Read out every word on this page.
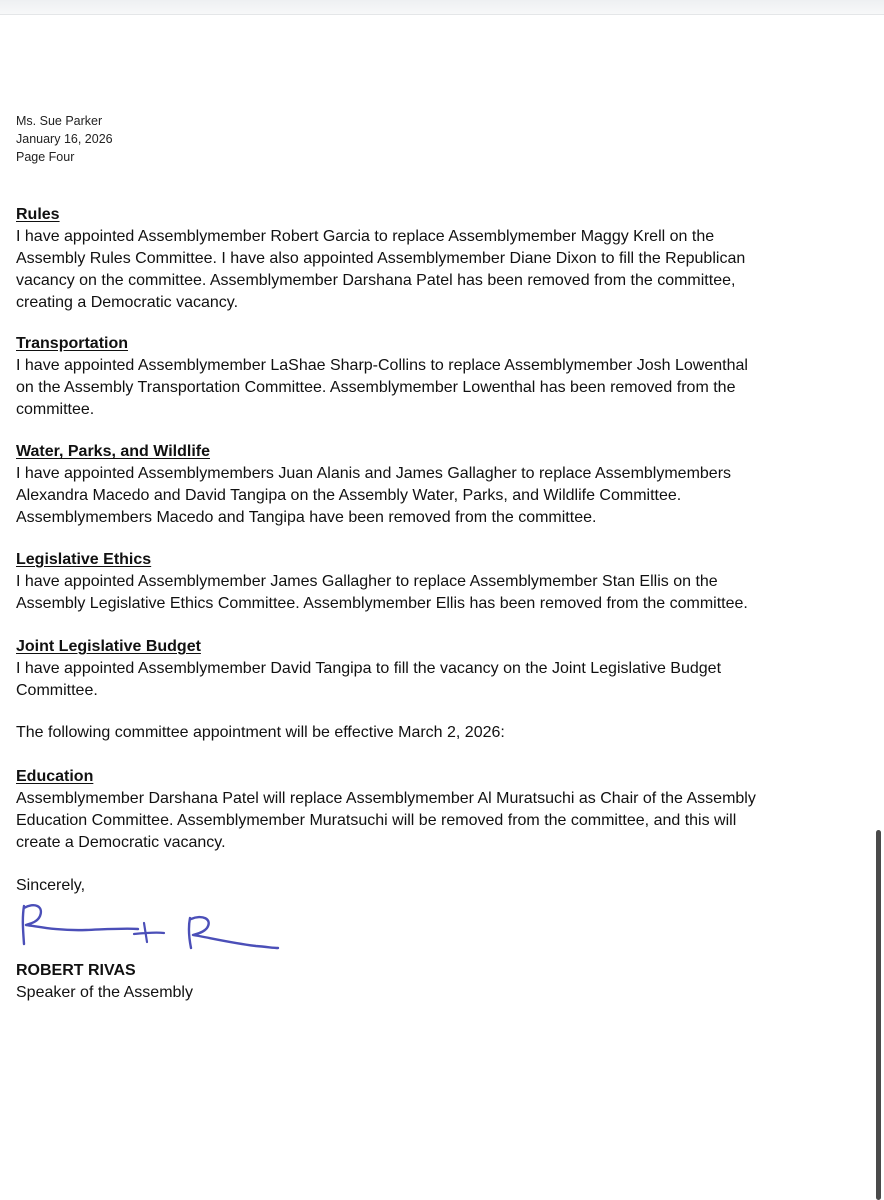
Ms. Sue Parker
January 16, 2026
Page Four
Rules
I have appointed Assemblymember Robert Garcia to replace Assemblymember Maggy Krell on the
Assembly Rules Committee. I have also appointed Assemblymember Diane Dixon to fill the Republican
vacancy on the committee. Assemblymember Darshana Patel has been removed from the committee,
creating a Democratic vacancy.
Transportation
I have appointed Assemblymember LaShae Sharp-Collins to replace Assemblymember Josh Lowenthal
on the Assembly Transportation Committee. Assemblymember Lowenthal has been removed from the
committee.
Water, Parks, and Wildlife
I have appointed Assemblymembers Juan Alanis and James Gallagher to replace Assemblymembers
Alexandra Macedo and David Tangipa on the Assembly Water, Parks, and Wildlife Committee.
Assemblymembers Macedo and Tangipa have been removed from the committee.
Legislative Ethics
I have appointed Assemblymember James Gallagher to replace Assemblymember Stan Ellis on the
Assembly Legislative Ethics Committee. Assemblymember Ellis has been removed from the committee.
Joint Legislative Budget
I have appointed Assemblymember David Tangipa to fill the vacancy on the Joint Legislative Budget
Committee.
The following committee appointment will be effective March 2, 2026:
Education
Assemblymember Darshana Patel will replace Assemblymember Al Muratsuchi as Chair of the Assembly
Education Committee. Assemblymember Muratsuchi will be removed from the committee, and this will
create a Democratic vacancy.
Sincerely,
ROBERT RIVAS
Speaker of the Assembly
